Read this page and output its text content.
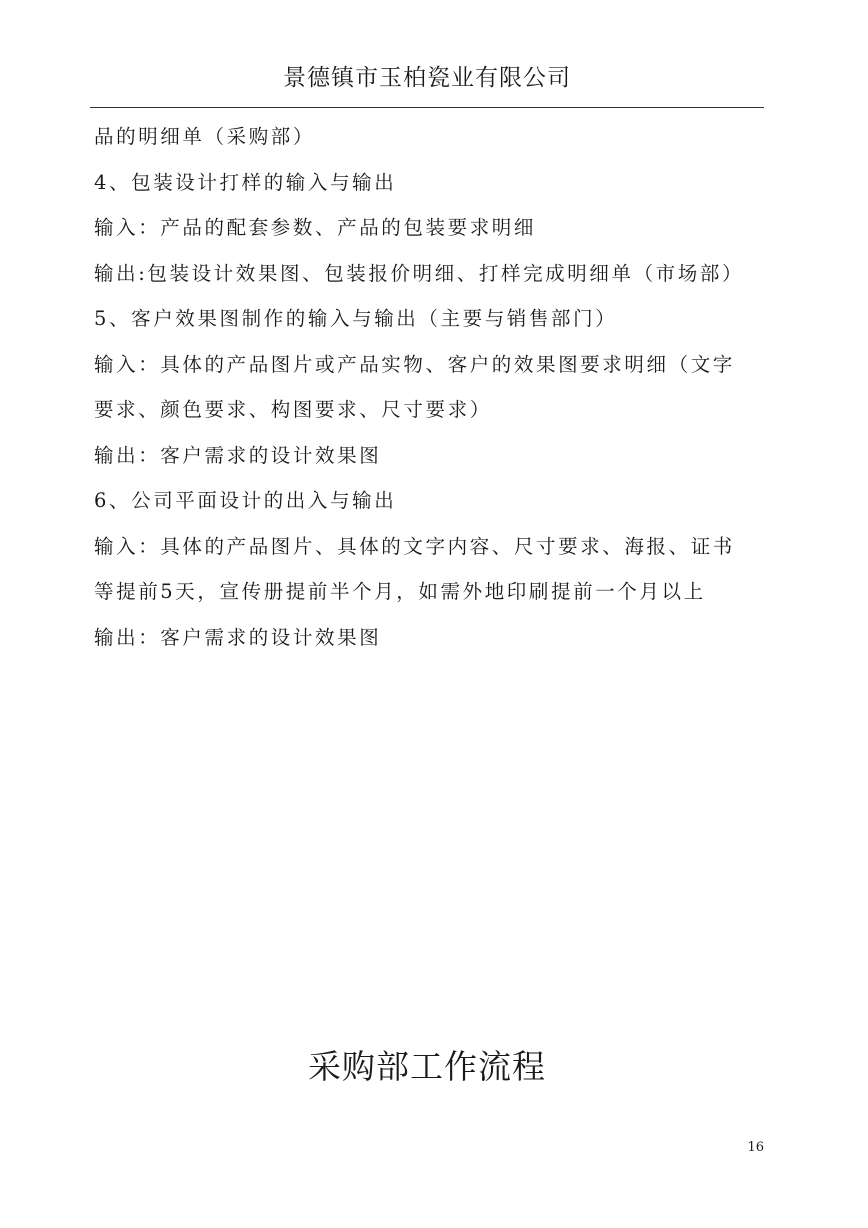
景德镇市玉柏瓷业有限公司
品的明细单（采购部）
4、包装设计打样的输入与输出
输入：产品的配套参数、产品的包装要求明细
输出:包装设计效果图、包装报价明细、打样完成明细单（市场部）
5、客户效果图制作的输入与输出（主要与销售部门）
输入：具体的产品图片或产品实物、客户的效果图要求明细（文字
要求、颜色要求、构图要求、尺寸要求）
输出：客户需求的设计效果图
6、公司平面设计的出入与输出
输入：具体的产品图片、具体的文字内容、尺寸要求、海报、证书
等提前5天，宣传册提前半个月，如需外地印刷提前一个月以上
输出：客户需求的设计效果图
采购部工作流程
16
